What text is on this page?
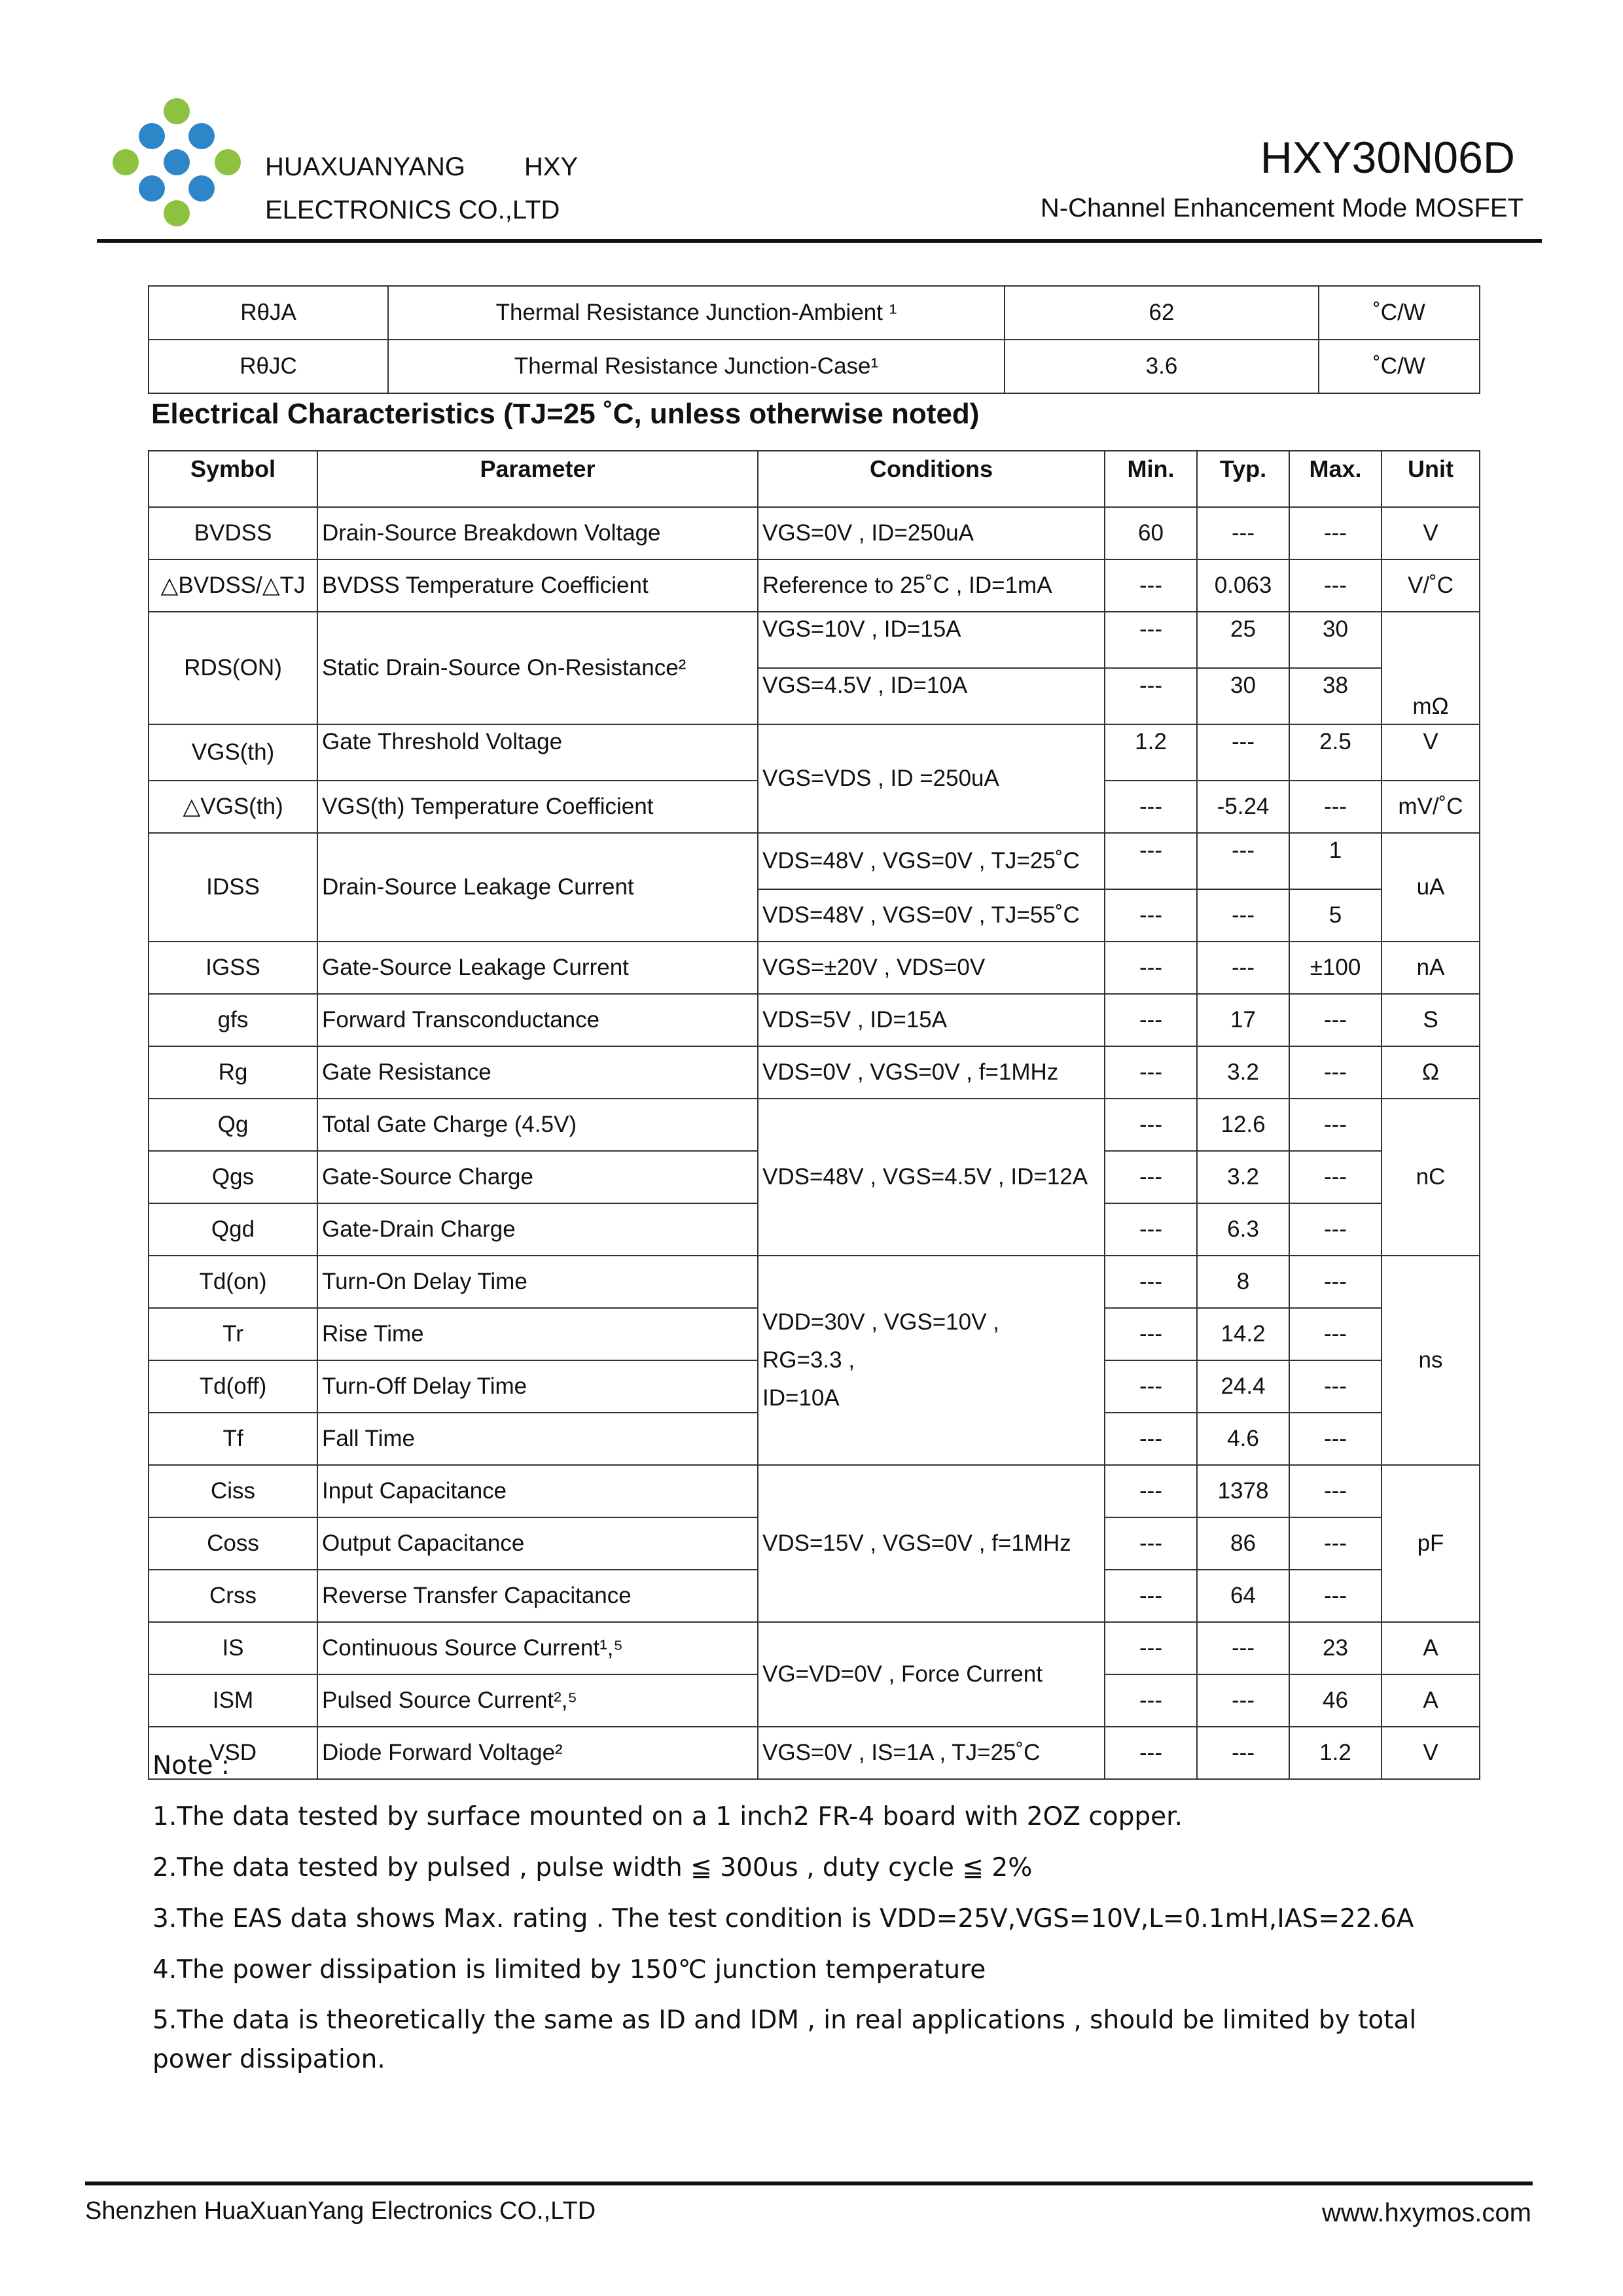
HUAXUANYANG HXY
ELECTRONICS CO.,LTD
HXY30N06D
N-Channel Enhancement Mode MOSFET
RθJA	Thermal Resistance Junction-Ambient ¹	62	˚C/W
RθJC	Thermal Resistance Junction-Case¹	3.6	˚C/W
Electrical Characteristics (TJ=25 ˚C, unless otherwise noted)
Symbol	Parameter	Conditions	Min.	Typ.	Max.	Unit
BVDSS	Drain-Source Breakdown Voltage	VGS=0V , ID=250uA	60	---	---	V
△BVDSS/△TJ	BVDSS Temperature Coefficient	Reference to 25˚C , ID=1mA	---	0.063	---	V/˚C
RDS(ON)	Static Drain-Source On-Resistance²	VGS=10V , ID=15A	---	25	30	mΩ
		VGS=4.5V , ID=10A	---	30	38	
VGS(th)	Gate Threshold Voltage	VGS=VDS , ID =250uA	1.2	---	2.5	V
△VGS(th)	VGS(th) Temperature Coefficient		---	-5.24	---	mV/˚C
IDSS	Drain-Source Leakage Current	VDS=48V , VGS=0V , TJ=25˚C	---	---	1	uA
		VDS=48V , VGS=0V , TJ=55˚C	---	---	5	
IGSS	Gate-Source Leakage Current	VGS=±20V , VDS=0V	---	---	±100	nA
gfs	Forward Transconductance	VDS=5V , ID=15A	---	17	---	S
Rg	Gate Resistance	VDS=0V , VGS=0V , f=1MHz	---	3.2	---	Ω
Qg	Total Gate Charge (4.5V)	VDS=48V , VGS=4.5V , ID=12A	---	12.6	---	nC
Qgs	Gate-Source Charge		---	3.2	---	
Qgd	Gate-Drain Charge		---	6.3	---	
Td(on)	Turn-On Delay Time	VDD=30V , VGS=10V ,
RG=3.3 ,
ID=10A	---	8	---	ns
Tr	Rise Time		---	14.2	---	
Td(off)	Turn-Off Delay Time		---	24.4	---	
Tf	Fall Time		---	4.6	---	
Ciss	Input Capacitance	VDS=15V , VGS=0V , f=1MHz	---	1378	---	pF
Coss	Output Capacitance		---	86	---	
Crss	Reverse Transfer Capacitance		---	64	---	
IS	Continuous Source Current¹,⁵	VG=VD=0V , Force Current	---	---	23	A
ISM	Pulsed Source Current²,⁵		---	---	46	A
VSD	Diode Forward Voltage²	VGS=0V , IS=1A , TJ=25˚C	---	---	1.2	V
Note :
1.The data tested by surface mounted on a 1 inch2 FR-4 board with 2OZ copper.
2.The data tested by pulsed , pulse width ≦ 300us , duty cycle ≦ 2%
3.The EAS data shows Max. rating . The test condition is VDD=25V,VGS=10V,L=0.1mH,IAS=22.6A
4.The power dissipation is limited by 150℃ junction temperature
5.The data is theoretically the same as ID and IDM , in real applications , should be limited by total power dissipation.
Shenzhen HuaXuanYang Electronics CO.,LTD	www.hxymos.com
